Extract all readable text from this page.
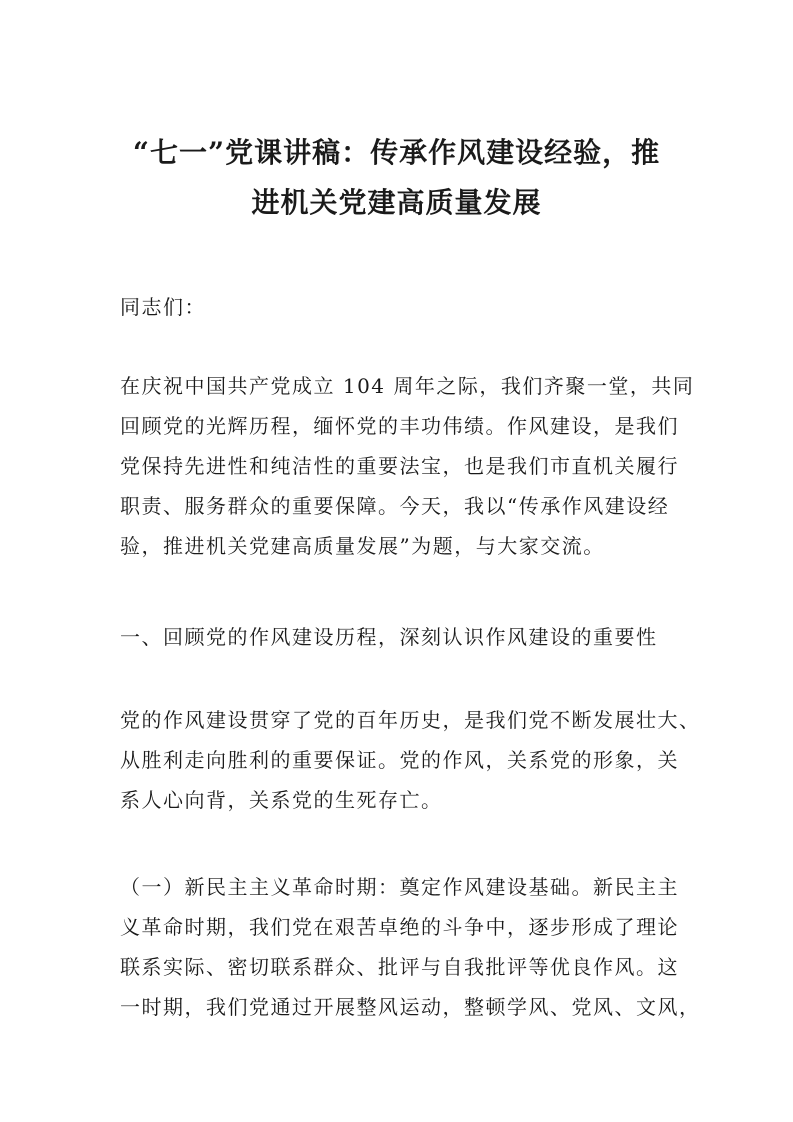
“七一”党课讲稿：传承作风建设经验，推
进机关党建高质量发展

同志们：

在庆祝中国共产党成立 104 周年之际，我们齐聚一堂，共同
回顾党的光辉历程，缅怀党的丰功伟绩。作风建设，是我们
党保持先进性和纯洁性的重要法宝，也是我们市直机关履行
职责、服务群众的重要保障。今天，我以“传承作风建设经
验，推进机关党建高质量发展”为题，与大家交流。

一、回顾党的作风建设历程，深刻认识作风建设的重要性

党的作风建设贯穿了党的百年历史，是我们党不断发展壮大、
从胜利走向胜利的重要保证。党的作风，关系党的形象，关
系人心向背，关系党的生死存亡。

（一）新民主主义革命时期：奠定作风建设基础。新民主主
义革命时期，我们党在艰苦卓绝的斗争中，逐步形成了理论
联系实际、密切联系群众、批评与自我批评等优良作风。这
一时期，我们党通过开展整风运动，整顿学风、党风、文风，
